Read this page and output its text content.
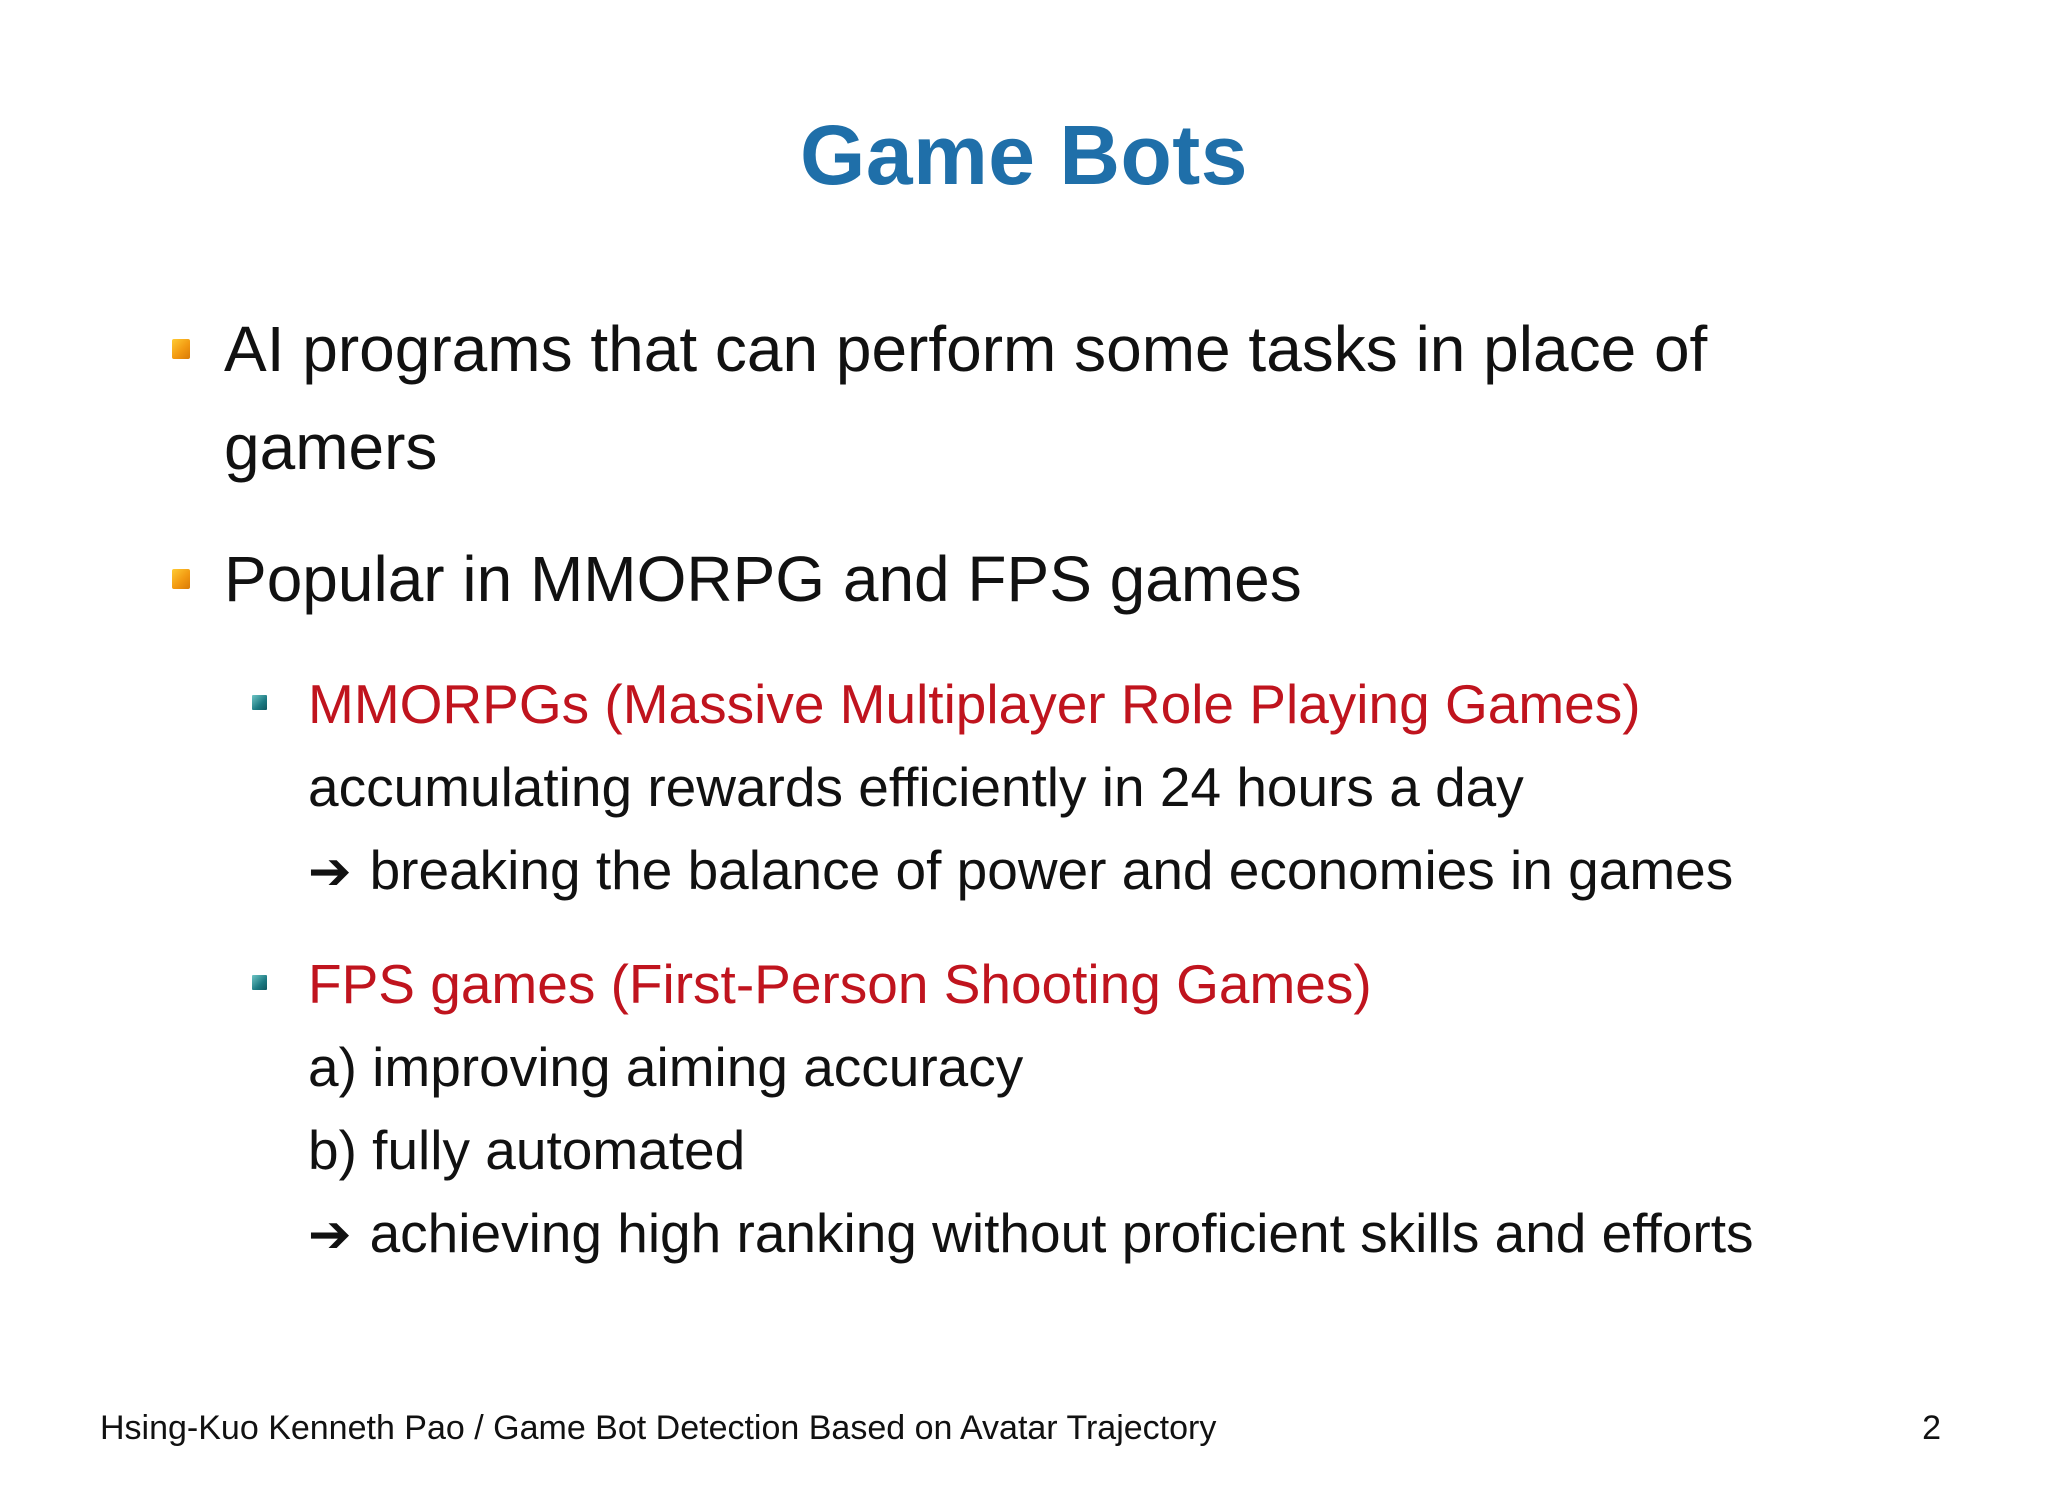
Game Bots
AI programs that can perform some tasks in place of
gamers
Popular in MMORPG and FPS games
MMORPGs (Massive Multiplayer Role Playing Games)
accumulating rewards efficiently in 24 hours a day
➔ breaking the balance of power and economies in games
FPS games (First-Person Shooting Games)
a) improving aiming accuracy
b) fully automated
➔ achieving high ranking without proficient skills and efforts
Hsing-Kuo Kenneth Pao / Game Bot Detection Based on Avatar Trajectory	2
